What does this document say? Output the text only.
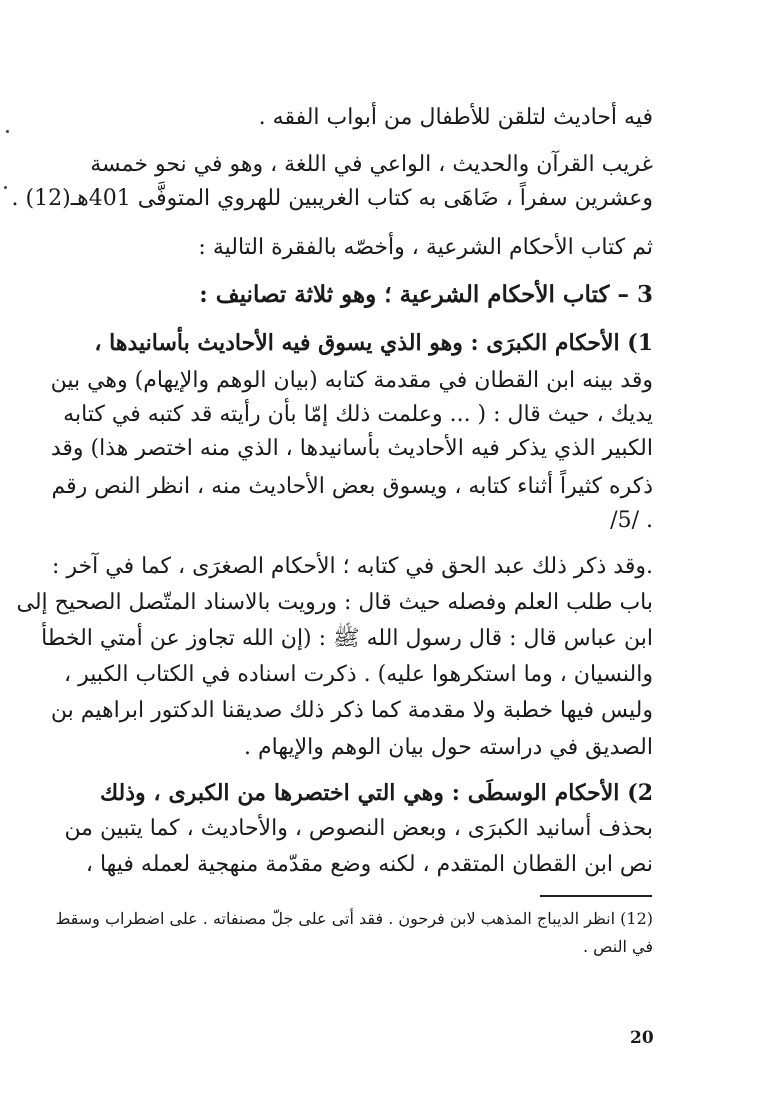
فيه أحاديث لتلقن للأطفال من أبواب الفقه .
غريب القرآن والحديث ، الواعي في اللغة ، وهو في نحو خمسة
وعشرين سفراً ، ضَاهَى به كتاب الغريبين للهروي المتوفَّى 401هـ(12) .
ثم كتاب الأحكام الشرعية ، وأخصّه بالفقرة التالية :
3 – كتاب الأحكام الشرعية ؛ وهو ثلاثة تصانيف :
1) الأحكام الكبرَى : وهو الذي يسوق فيه الأحاديث بأسانيدها ،
وقد بينه ابن القطان في مقدمة كتابه (بيان الوهم والإيهام) وهي بين
يديك ، حيث قال : ( ... وعلمت ذلك إمّا بأن رأيته قد كتبه في كتابه
الكبير الذي يذكر فيه الأحاديث بأسانيدها ، الذي منه اختصر هذا) وقد
ذكره كثيراً أثناء كتابه ، ويسوق بعض الأحاديث منه ، انظر النص رقم
. /5/
.وقد ذكر ذلك عبد الحق في كتابه ؛ الأحكام الصغرَى ، كما في آخر :
باب طلب العلم وفصله حيث قال : ورويت بالاسناد المتّصل الصحيح إلى
ابن عباس قال : قال رسول الله ﷺ : (إن الله تجاوز عن أمتي الخطأ
والنسيان ، وما استكرهوا عليه) . ذكرت اسناده في الكتاب الكبير ،
وليس فيها خطبة ولا مقدمة كما ذكر ذلك صديقنا الدكتور ابراهيم بن
الصديق في دراسته حول بيان الوهم والإيهام .
2) الأحكام الوسطَى : وهي التي اختصرها من الكبرى ، وذلك
بحذف أسانيد الكبرَى ، وبعض النصوص ، والأحاديث ، كما يتبين من
نص ابن القطان المتقدم ، لكنه وضع مقدّمة منهجية لعمله فيها ،
(12) انظر الديباج المذهب لابن فرحون . فقد أتى على جلّ مصنفاته . على اضطراب وسقط
في النص .
20
